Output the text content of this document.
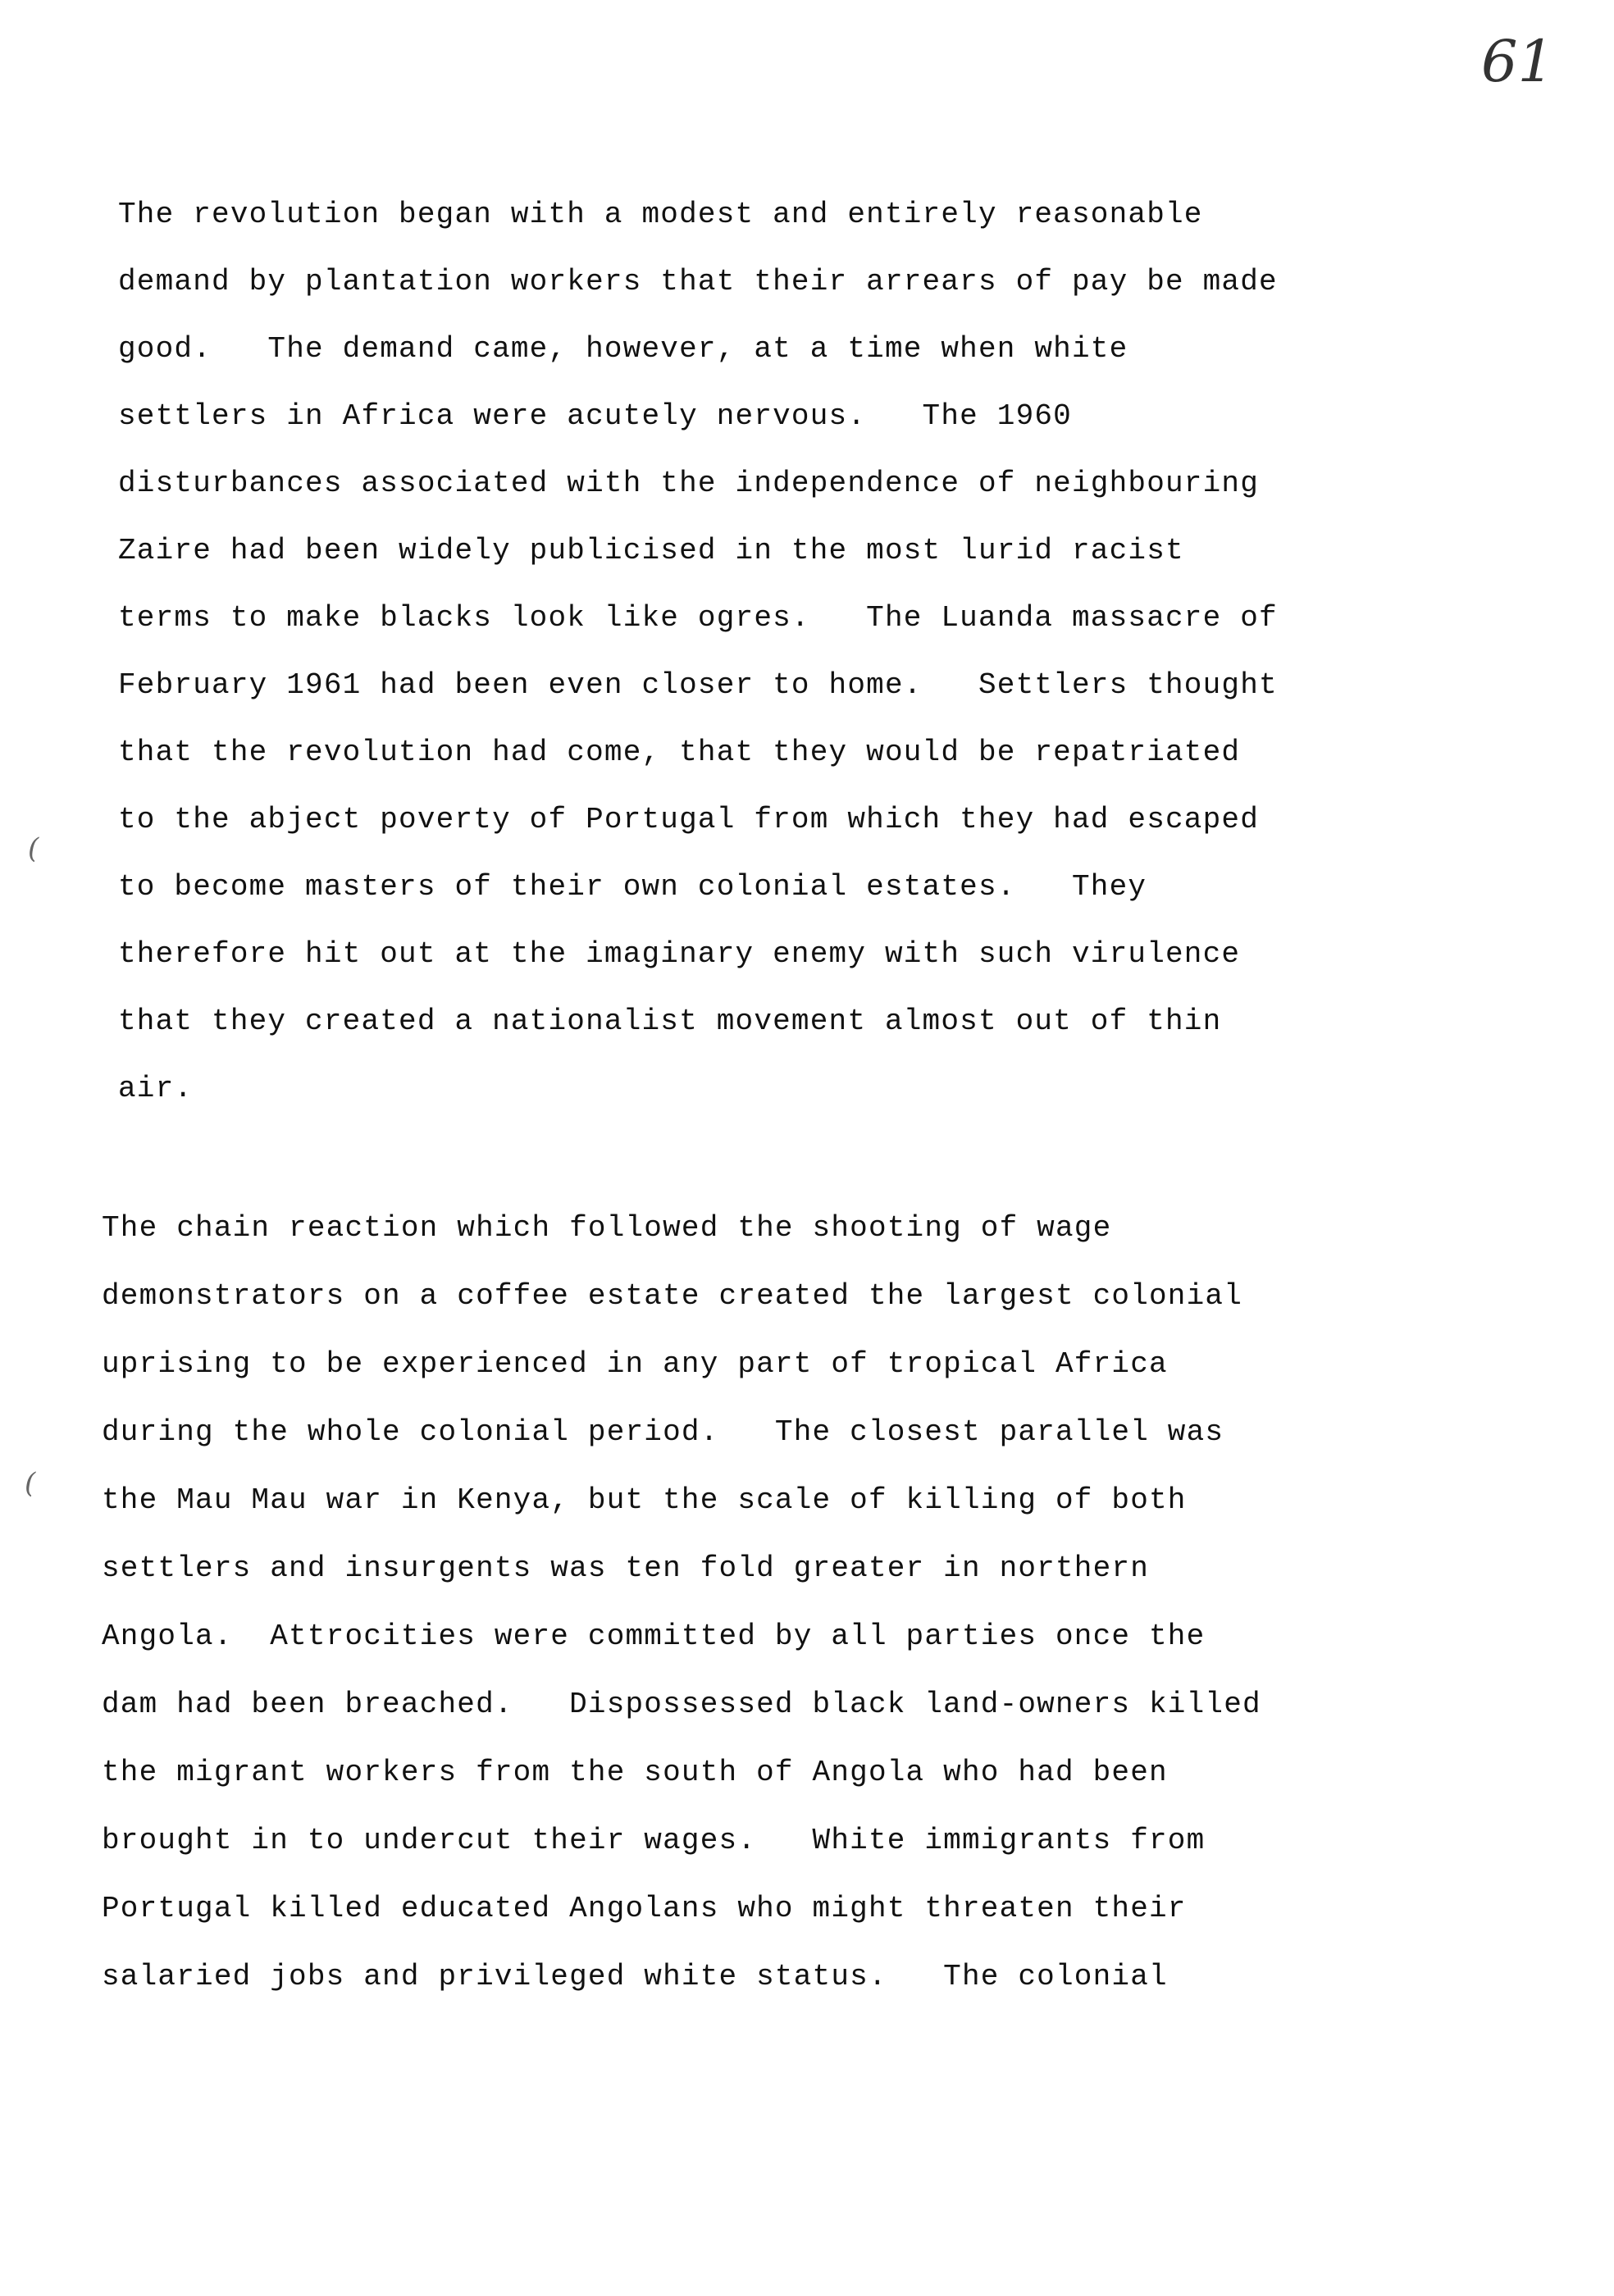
61
(
(
The revolution began with a modest and entirely reasonable
demand by plantation workers that their arrears of pay be made
good.   The demand came, however, at a time when white
settlers in Africa were acutely nervous.   The 1960
disturbances associated with the independence of neighbouring
Zaire had been widely publicised in the most lurid racist
terms to make blacks look like ogres.   The Luanda massacre of
February 1961 had been even closer to home.   Settlers thought
that the revolution had come, that they would be repatriated
to the abject poverty of Portugal from which they had escaped
to become masters of their own colonial estates.   They
therefore hit out at the imaginary enemy with such virulence
that they created a nationalist movement almost out of thin
air.
The chain reaction which followed the shooting of wage
demonstrators on a coffee estate created the largest colonial
uprising to be experienced in any part of tropical Africa
during the whole colonial period.   The closest parallel was
the Mau Mau war in Kenya, but the scale of killing of both
settlers and insurgents was ten fold greater in northern
Angola.  Attrocities were committed by all parties once the
dam had been breached.   Dispossessed black land-owners killed
the migrant workers from the south of Angola who had been
brought in to undercut their wages.   White immigrants from
Portugal killed educated Angolans who might threaten their
salaried jobs and privileged white status.   The colonial
